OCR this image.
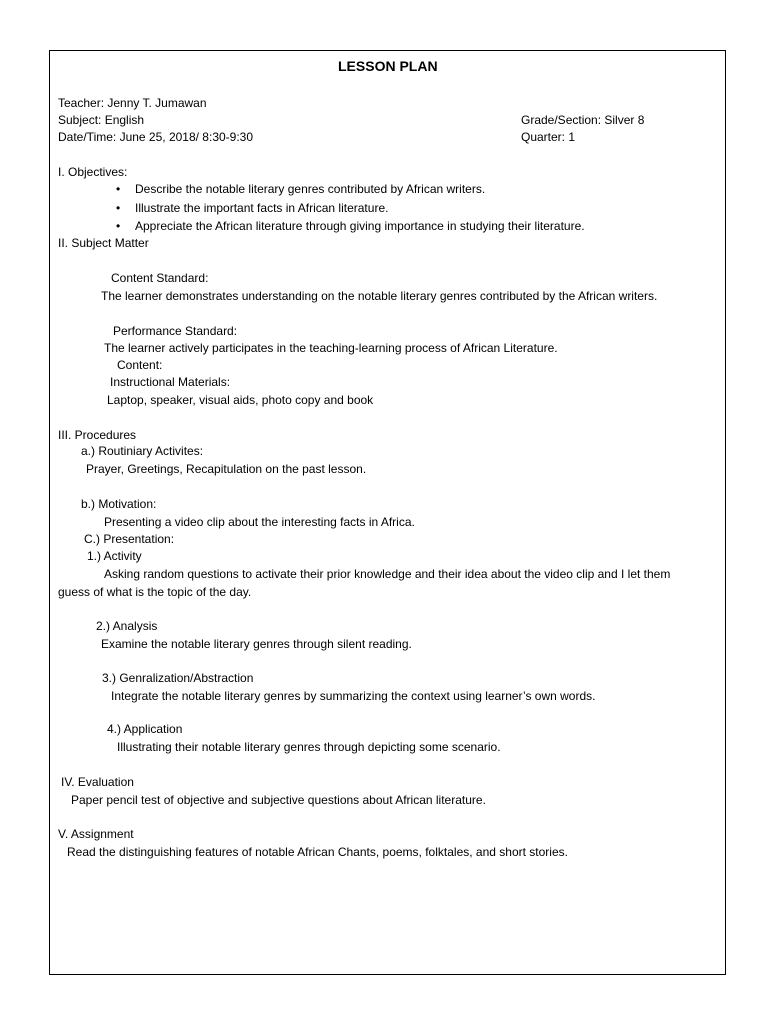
LESSON PLAN
Teacher: Jenny T. Jumawan
Subject: English	Grade/Section: Silver 8
Date/Time: June 25, 2018/ 8:30-9:30	Quarter: 1
I. Objectives:
• Describe the notable literary genres contributed by African writers.
• Illustrate the important facts in African literature.
• Appreciate the African literature through giving importance in studying their literature.
II. Subject Matter
Content Standard:
The learner demonstrates understanding on the notable literary genres contributed by the African writers.
Performance Standard:
The learner actively participates in the teaching-learning process of African Literature.
Content:
Instructional Materials:
Laptop, speaker, visual aids, photo copy and book
III. Procedures
a.) Routiniary Activites:
Prayer, Greetings, Recapitulation on the past lesson.
b.) Motivation:
Presenting a video clip about the interesting facts in Africa.
C.) Presentation:
1.) Activity
Asking random questions to activate their prior knowledge and their idea about the video clip and I let them
guess of what is the topic of the day.
2.) Analysis
Examine the notable literary genres through silent reading.
3.) Genralization/Abstraction
Integrate the notable literary genres by summarizing the context using learner’s own words.
4.) Application
Illustrating their notable literary genres through depicting some scenario.
IV. Evaluation
Paper pencil test of objective and subjective questions about African literature.
V. Assignment
Read the distinguishing features of notable African Chants, poems, folktales, and short stories.
